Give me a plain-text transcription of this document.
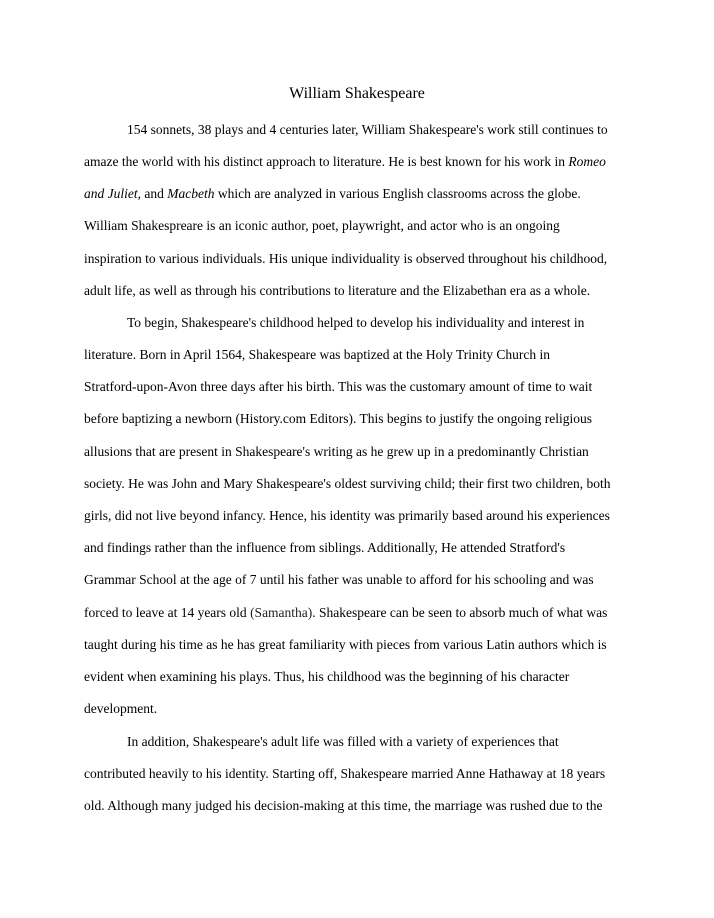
William Shakespeare
154 sonnets, 38 plays and 4 centuries later, William Shakespeare's work still continues to
amaze the world with his distinct approach to literature. He is best known for his work in Romeo
and Juliet, and Macbeth which are analyzed in various English classrooms across the globe.
William Shakespreare is an iconic author, poet, playwright, and actor who is an ongoing
inspiration to various individuals. His unique individuality is observed throughout his childhood,
adult life, as well as through his contributions to literature and the Elizabethan era as a whole.
To begin, Shakespeare's childhood helped to develop his individuality and interest in
literature. Born in April 1564, Shakespeare was baptized at the Holy Trinity Church in
Stratford-upon-Avon three days after his birth. This was the customary amount of time to wait
before baptizing a newborn (History.com Editors). This begins to justify the ongoing religious
allusions that are present in Shakespeare's writing as he grew up in a predominantly Christian
society. He was John and Mary Shakespeare's oldest surviving child; their first two children, both
girls, did not live beyond infancy. Hence, his identity was primarily based around his experiences
and findings rather than the influence from siblings. Additionally, He attended Stratford's
Grammar School at the age of 7 until his father was unable to afford for his schooling and was
forced to leave at 14 years old (Samantha). Shakespeare can be seen to absorb much of what was
taught during his time as he has great familiarity with pieces from various Latin authors which is
evident when examining his plays. Thus, his childhood was the beginning of his character
development.
In addition, Shakespeare's adult life was filled with a variety of experiences that
contributed heavily to his identity. Starting off, Shakespeare married Anne Hathaway at 18 years
old. Although many judged his decision-making at this time, the marriage was rushed due to the
